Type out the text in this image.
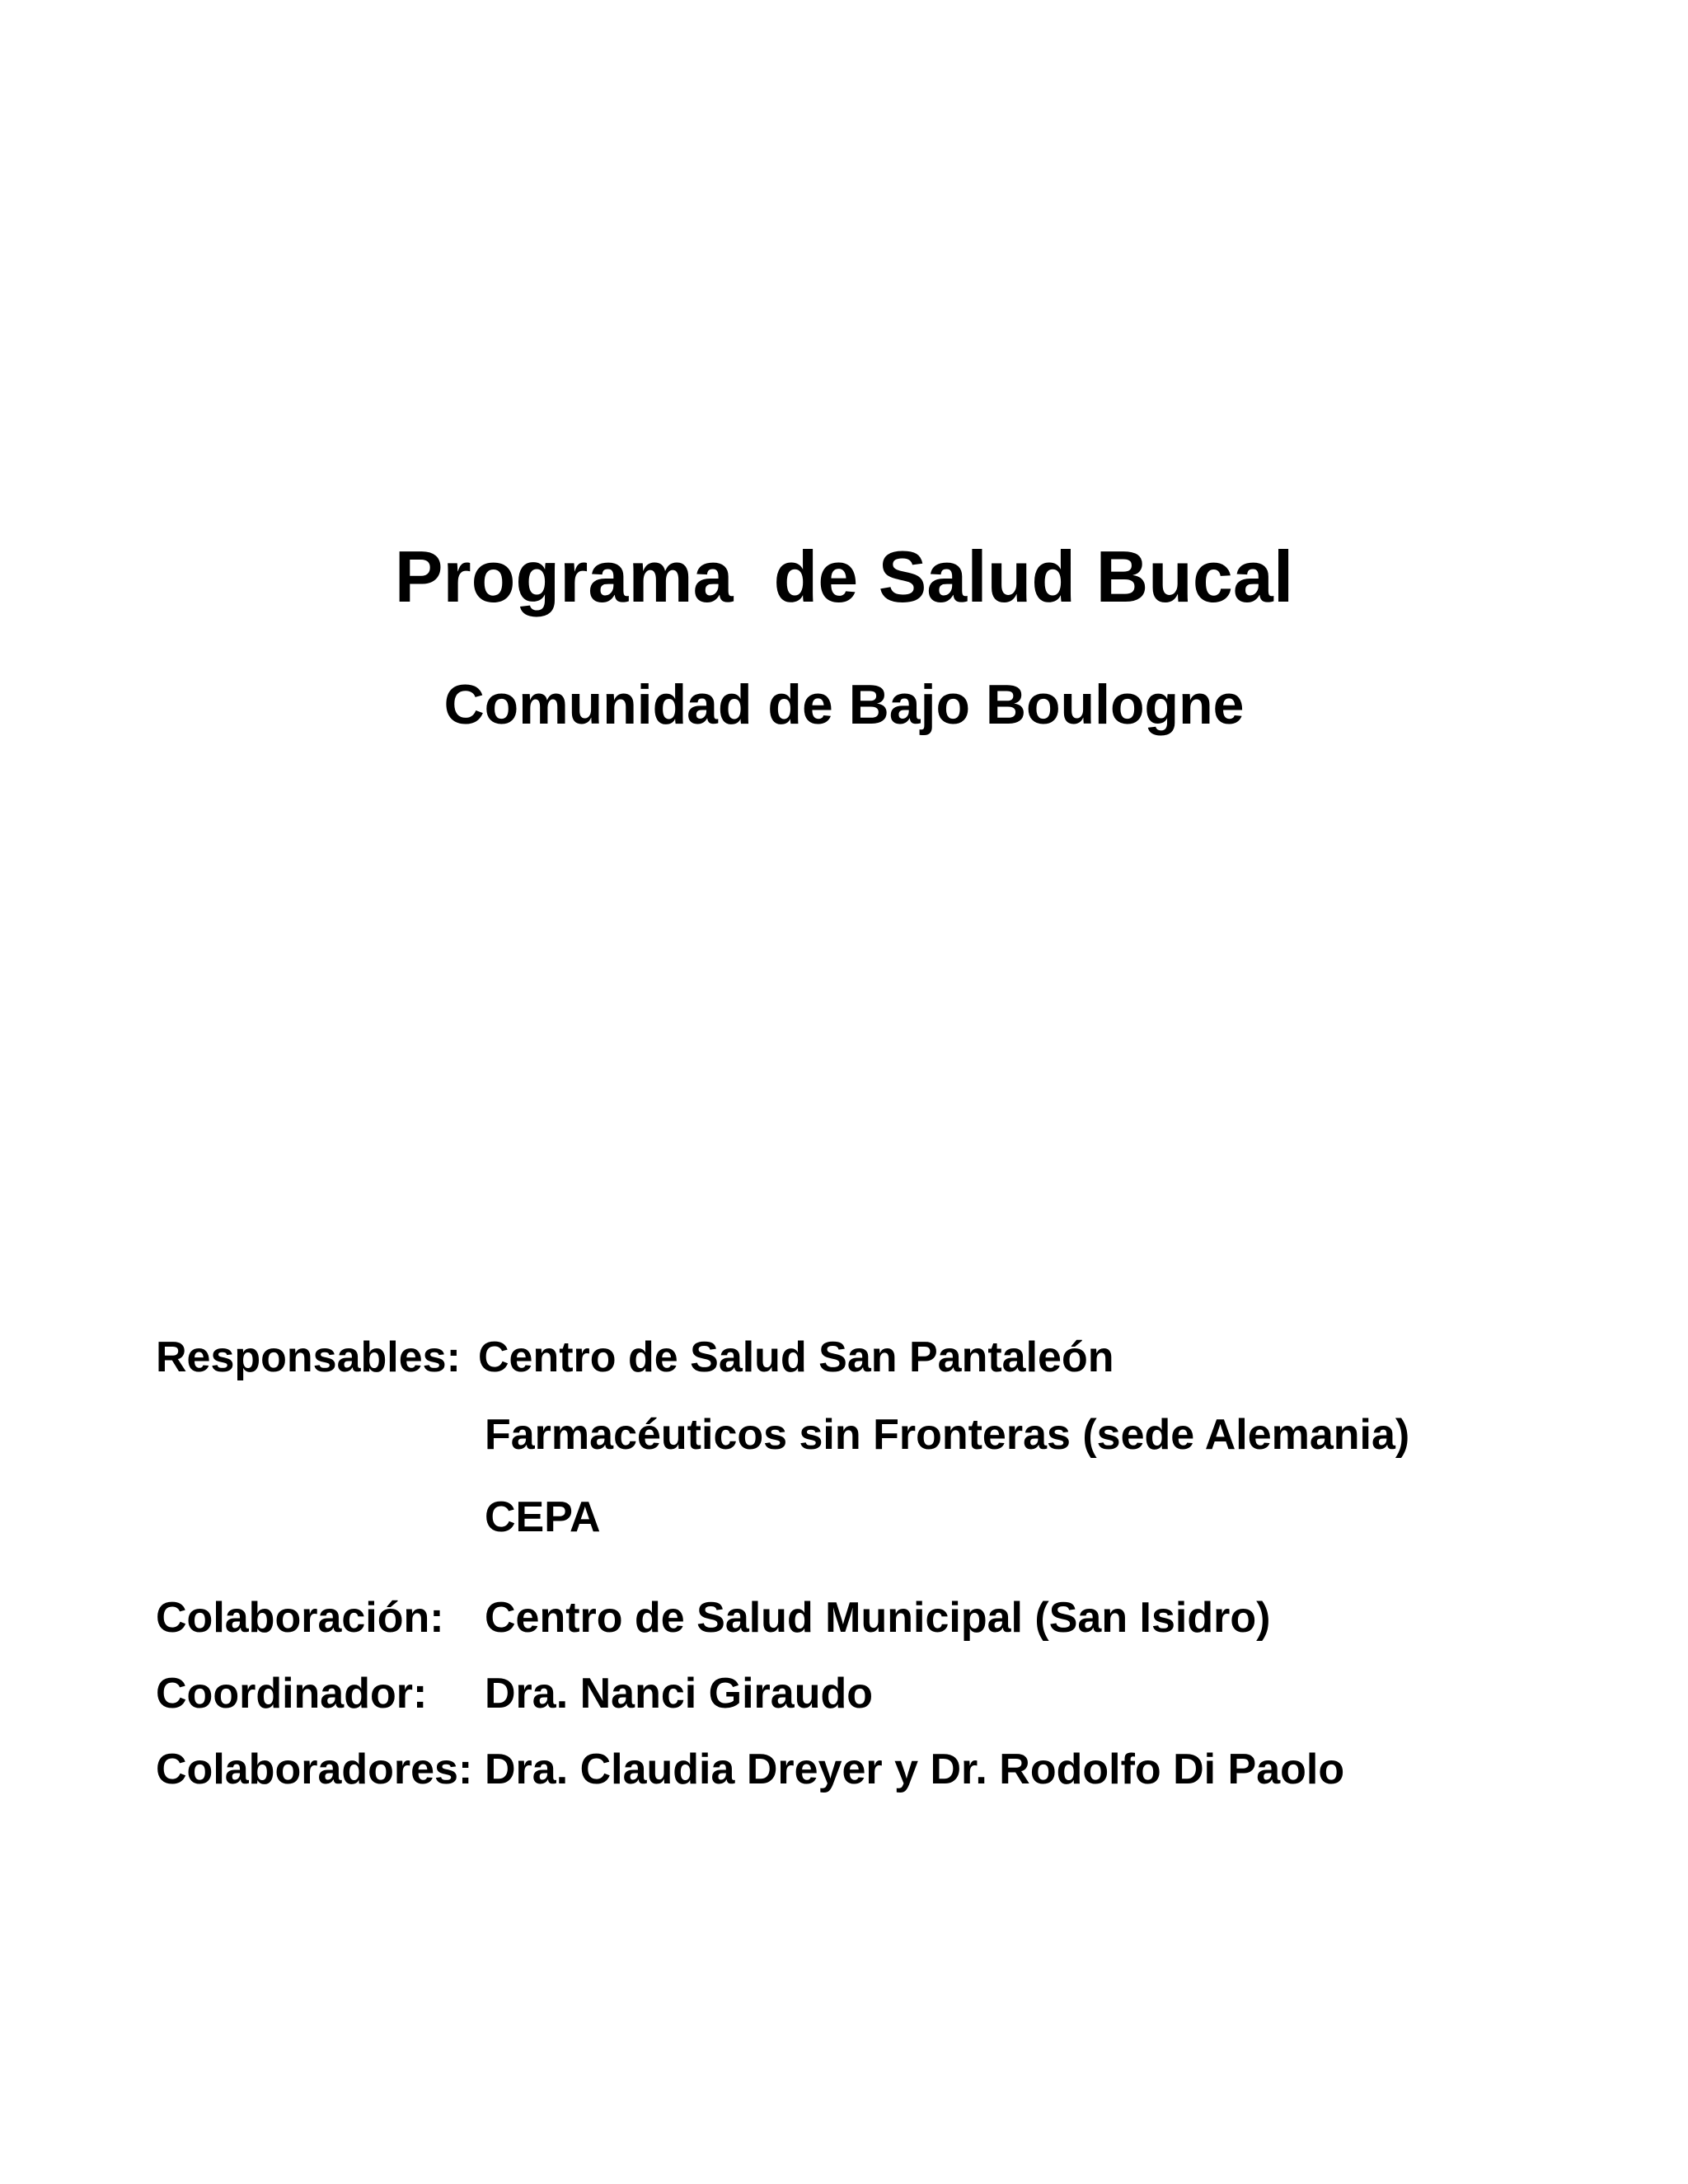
Programa  de Salud Bucal
Comunidad de Bajo Boulogne
Responsables: Centro de Salud San Pantaleón
Farmacéuticos sin Fronteras (sede Alemania)
CEPA
Colaboración: Centro de Salud Municipal (San Isidro)
Coordinador: Dra. Nanci Giraudo
Colaboradores: Dra. Claudia Dreyer y Dr. Rodolfo Di Paolo
